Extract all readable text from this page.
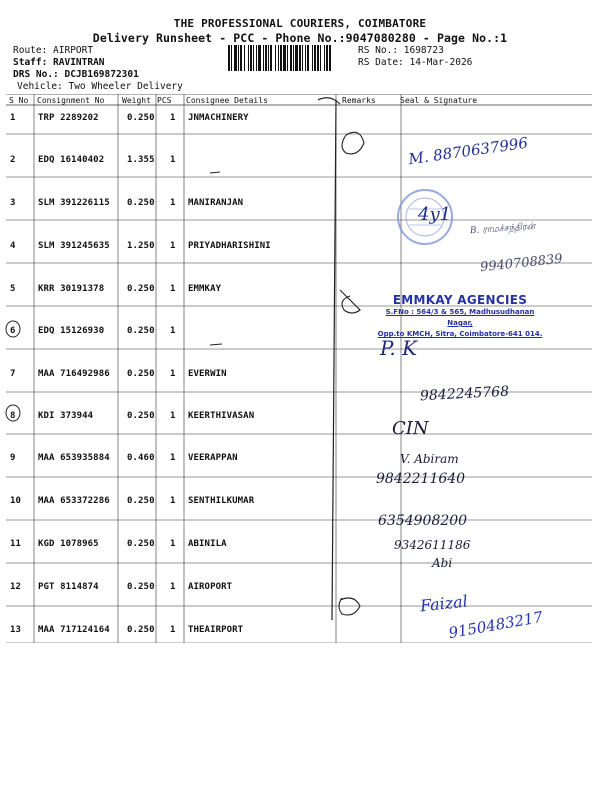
THE PROFESSIONAL COURIERS, COIMBATORE
Delivery Runsheet - PCC - Phone No.:9047080280 - Page No.:1
Route: AIRPORT
Staff: RAVINTRAN
DRS No.: DCJB169872301
Vehicle: Two Wheeler Delivery
RS No.: 1698723
RS Date: 14-Mar-2026
S No Consignment No Weight PCS Consignee Details	Remarks	Seal & Signature
1 TRP 2289202	0.250 1 JNMACHINERY
2 EDQ 16140402	1.355 1
3 SLM 391226115 0.250 1 MANIRANJAN
4 SLM 391245635 1.250 1 PRIYADHARISHINI
5 KRR 30191378	0.250 1 EMMKAY
6 EDQ 15126930	0.250 1
7 MAA 716492986 0.250 1 EVERWIN
8 KDI 373944	0.250 1 KEERTHIVASAN
9 MAA 653935884 0.460 1 VEERAPPAN
10 MAA 653372286 0.250 1 SENTHILKUMAR
11 KGD 1078965	0.250 1 ABINILA
12 PGT 8114874	0.250 1 AIROPORT
13 MAA 717124164 0.250 1 THEAIRPORT
EMMKAY AGENCIES
S.FNo : 564/3 & 565, Madhusudhanan Nagar,
Opp.to KMCH, Sitra, Coimbatore-641 014.
M. 8870637996
4y1
B. ராமச்சந்திரன்
9940708839
P. K
9842245768
CIN
V. Abiram
9842211640
6354908200
9342611186
Abi
Faizal
9150483217
